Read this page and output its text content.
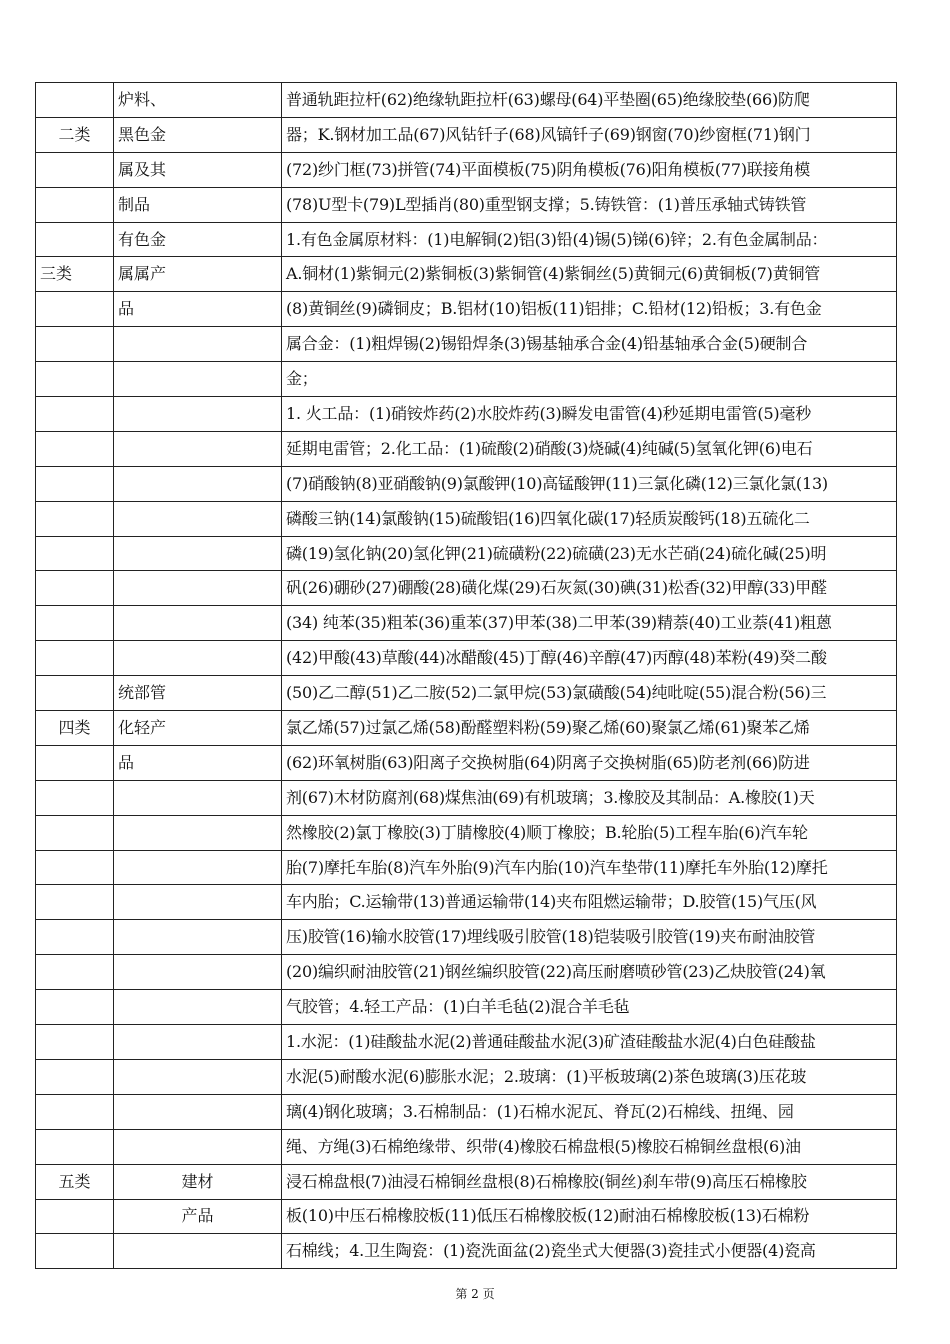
	炉料、	普通轨距拉杆(62)绝缘轨距拉杆(63)螺母(64)平垫圈(65)绝缘胶垫(66)防爬
二类	黑色金	器；K.钢材加工品(67)风钻钎子(68)风镐钎子(69)钢窗(70)纱窗框(71)钢门
	属及其	(72)纱门框(73)拼管(74)平面模板(75)阴角模板(76)阳角模板(77)联接角模
	制品	(78)U型卡(79)L型插肖(80)重型钢支撑；5.铸铁管：(1)普压承轴式铸铁管
	有色金	1.有色金属原材料：(1)电解铜(2)铝(3)铅(4)锡(5)锑(6)锌；2.有色金属制品：
三类	属属产	A.铜材(1)紫铜元(2)紫铜板(3)紫铜管(4)紫铜丝(5)黄铜元(6)黄铜板(7)黄铜管
	品	(8)黄铜丝(9)磷铜皮；B.铝材(10)铝板(11)铝排；C.铅材(12)铅板；3.有色金
		属合金：(1)粗焊锡(2)锡铅焊条(3)锡基轴承合金(4)铅基轴承合金(5)硬制合
		金；
		1. 火工品：(1)硝铵炸药(2)水胶炸药(3)瞬发电雷管(4)秒延期电雷管(5)毫秒
		延期电雷管；2.化工品：(1)硫酸(2)硝酸(3)烧碱(4)纯碱(5)氢氧化钾(6)电石
		(7)硝酸钠(8)亚硝酸钠(9)氯酸钾(10)高锰酸钾(11)三氯化磷(12)三氯化氯(13)
		磷酸三钠(14)氯酸钠(15)硫酸铝(16)四氧化碳(17)轻质炭酸钙(18)五硫化二
		磷(19)氢化钠(20)氢化钾(21)硫磺粉(22)硫磺(23)无水芒硝(24)硫化碱(25)明
		矾(26)硼砂(27)硼酸(28)磺化煤(29)石灰氮(30)碘(31)松香(32)甲醇(33)甲醛
		(34) 纯苯(35)粗苯(36)重苯(37)甲苯(38)二甲苯(39)精萘(40)工业萘(41)粗蒽
		(42)甲酸(43)草酸(44)冰醋酸(45)丁醇(46)辛醇(47)丙醇(48)苯粉(49)癸二酸
	统部管	(50)乙二醇(51)乙二胺(52)二氯甲烷(53)氯磺酸(54)纯吡啶(55)混合粉(56)三
四类	化轻产	氯乙烯(57)过氯乙烯(58)酚醛塑料粉(59)聚乙烯(60)聚氯乙烯(61)聚苯乙烯
	品	(62)环氧树脂(63)阳离子交换树脂(64)阴离子交换树脂(65)防老剂(66)防进
		剂(67)木材防腐剂(68)煤焦油(69)有机玻璃；3.橡胶及其制品：A.橡胶(1)天
		然橡胶(2)氯丁橡胶(3)丁腈橡胶(4)顺丁橡胶；B.轮胎(5)工程车胎(6)汽车轮
		胎(7)摩托车胎(8)汽车外胎(9)汽车内胎(10)汽车垫带(11)摩托车外胎(12)摩托
		车内胎；C.运输带(13)普通运输带(14)夹布阻燃运输带；D.胶管(15)气压(风
		压)胶管(16)输水胶管(17)埋线吸引胶管(18)铠装吸引胶管(19)夹布耐油胶管
		(20)编织耐油胶管(21)钢丝编织胶管(22)高压耐磨喷砂管(23)乙炔胶管(24)氧
		气胶管；4.轻工产品：(1)白羊毛毡(2)混合羊毛毡
		1.水泥：(1)硅酸盐水泥(2)普通硅酸盐水泥(3)矿渣硅酸盐水泥(4)白色硅酸盐
		水泥(5)耐酸水泥(6)膨胀水泥；2.玻璃：(1)平板玻璃(2)茶色玻璃(3)压花玻
		璃(4)钢化玻璃；3.石棉制品：(1)石棉水泥瓦、脊瓦(2)石棉线、扭绳、园
		绳、方绳(3)石棉绝缘带、织带(4)橡胶石棉盘根(5)橡胶石棉铜丝盘根(6)油
五类	建材	浸石棉盘根(7)油浸石棉铜丝盘根(8)石棉橡胶(铜丝)刹车带(9)高压石棉橡胶
	产品	板(10)中压石棉橡胶板(11)低压石棉橡胶板(12)耐油石棉橡胶板(13)石棉粉
		石棉线；4.卫生陶瓷：(1)瓷洗面盆(2)瓷坐式大便器(3)瓷挂式小便器(4)瓷高
第 2 页
